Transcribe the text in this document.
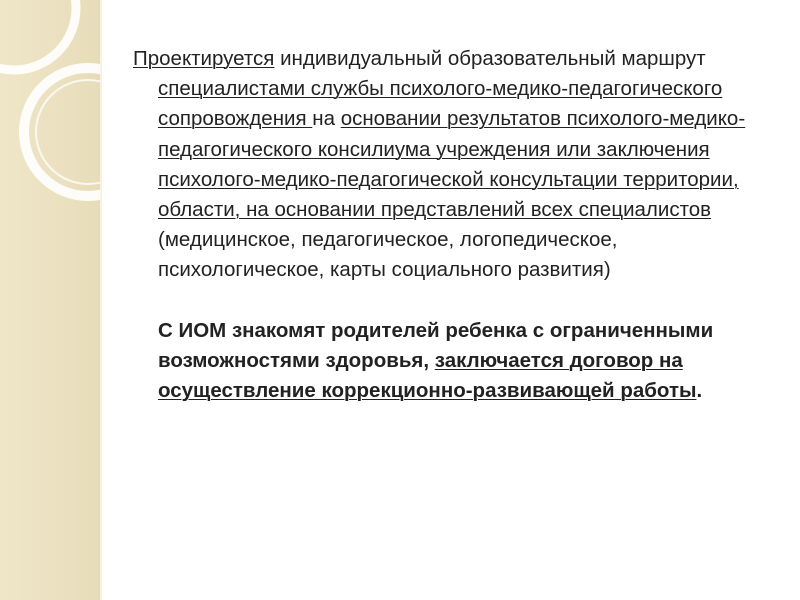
Проектируется индивидуальный образовательный маршрут специалистами службы психолого-медико-педагогического сопровождения на основании результатов психолого-медико-педагогического консилиума учреждения или заключения психолого-медико-педагогической консультации территории, области, на основании представлений всех специалистов (медицинское, педагогическое, логопедическое, психологическое, карты социального развития)

С ИОМ знакомят родителей ребенка с ограниченными возможностями здоровья, заключается договор на осуществление коррекционно-развивающей работы.
